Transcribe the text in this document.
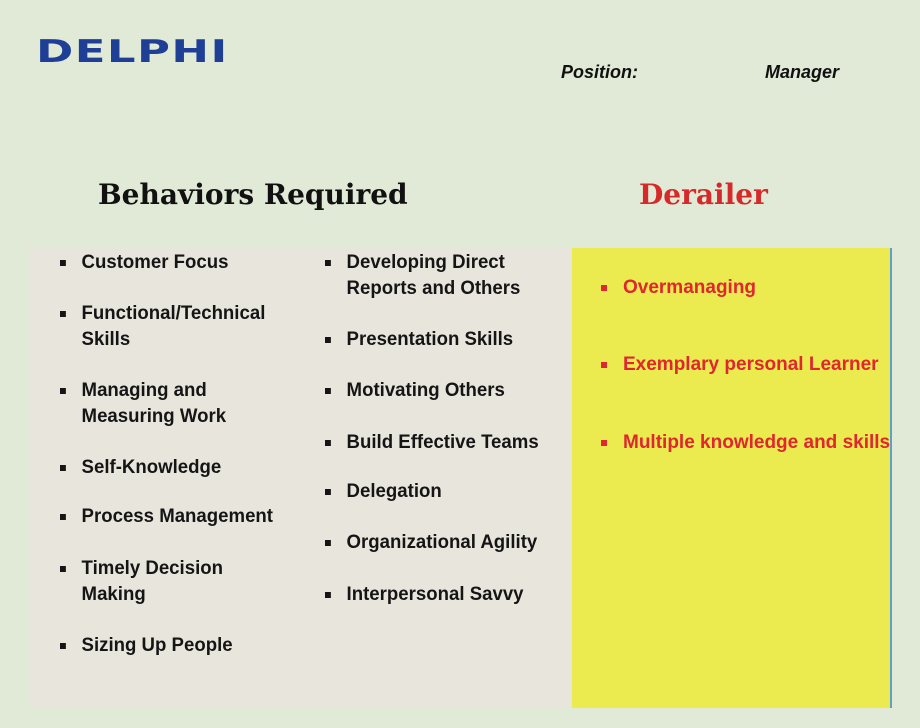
DELPHI
Position:	Manager
Behaviors Required	Derailer
Customer Focus
Functional/Technical Skills
Managing and Measuring Work
Self-Knowledge
Process Management
Timely Decision Making
Sizing Up People
Developing Direct Reports and Others
Presentation Skills
Motivating Others
Build Effective Teams
Delegation
Organizational Agility
Interpersonal Savvy
Overmanaging
Exemplary personal Learner
Multiple knowledge and skills
